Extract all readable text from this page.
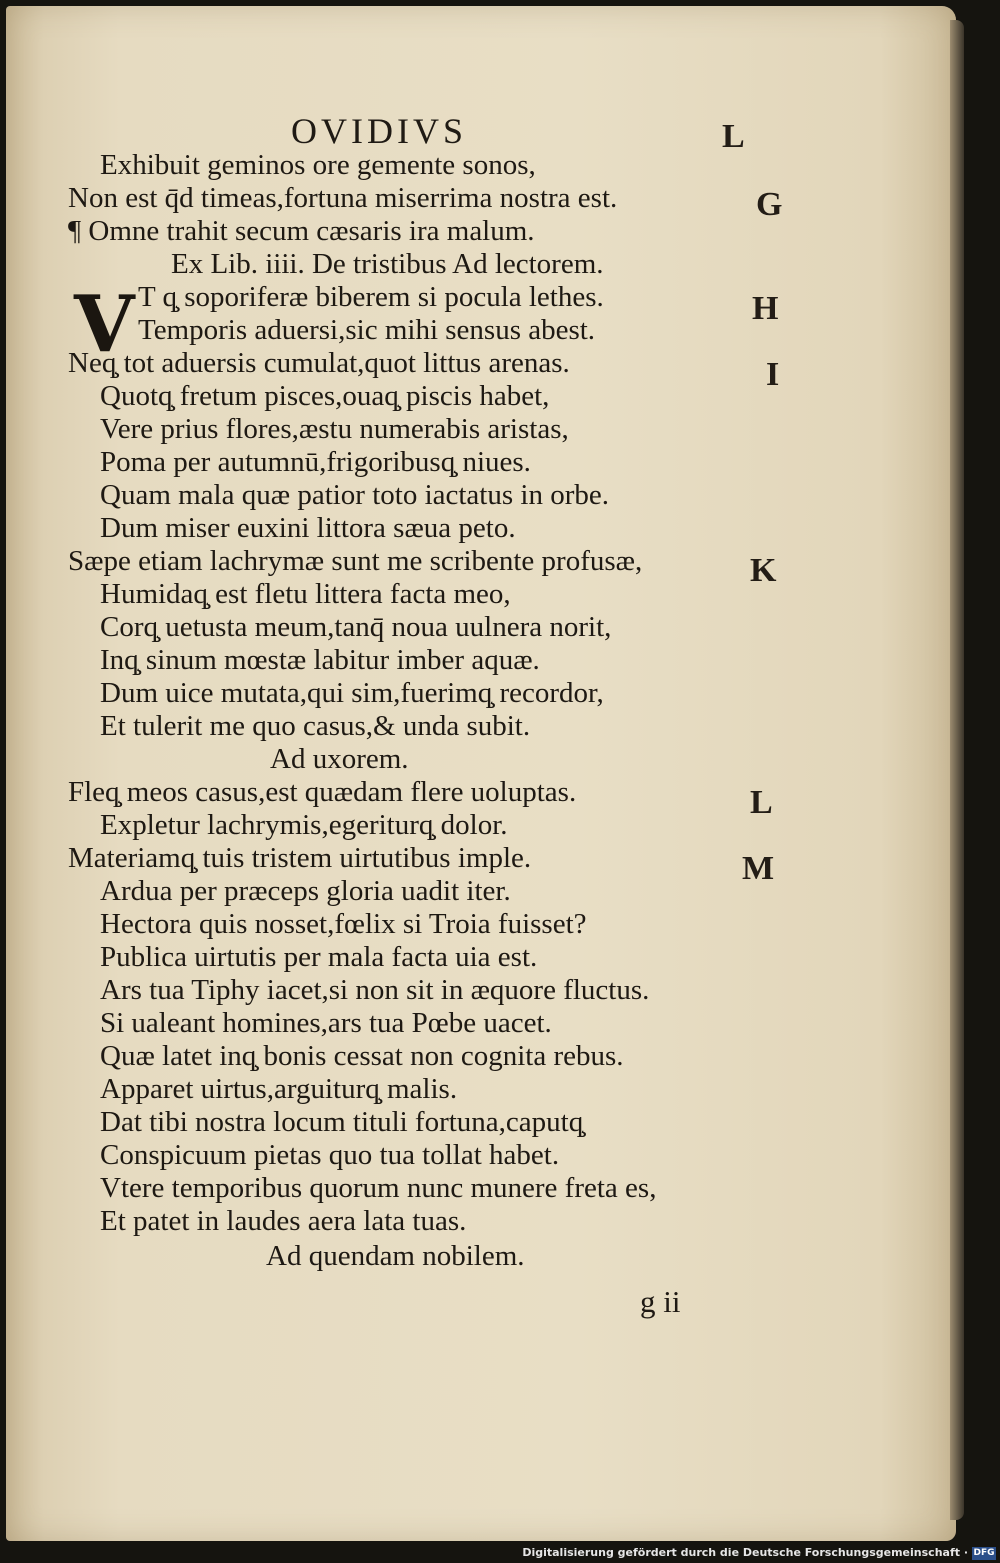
OVIDIVS
V
Exhibuit geminos ore gemente sonos,
Non est q̄d timeas,fortuna miserrima nostra est.
¶ Omne trahit secum cæsaris ira malum.
Ex Lib. iiii. De tristibus Ad lectorem.
T q̧ soporiferæ biberem si pocula lethes.
Temporis aduersi,sic mihi sensus abest.
Neq̧ tot aduersis cumulat,quot littus arenas.
Quotq̧ fretum pisces,ouaq̧ piscis habet,
Vere prius flores,æstu numerabis aristas,
Poma per autumnū,frigoribusq̧ niues.
Quam mala quæ patior toto iactatus in orbe.
Dum miser euxini littora sæua peto.
Sæpe etiam lachrymæ sunt me scribente profusæ,
Humidaq̧ est fletu littera facta meo,
Corq̧ uetusta meum,tanq̄ noua uulnera norit,
Inq̧ sinum mœstæ labitur imber aquæ.
Dum uice mutata,qui sim,fuerimq̧ recordor,
Et tulerit me quo casus,& unda subit.
Ad uxorem.
Fleq̧ meos casus,est quædam flere uoluptas.
Expletur lachrymis,egeriturq̧ dolor.
Materiamq̧ tuis tristem uirtutibus imple.
Ardua per præceps gloria uadit iter.
Hectora quis nosset,fœlix si Troia fuisset?
Publica uirtutis per mala facta uia est.
Ars tua Tiphy iacet,si non sit in æquore fluctus.
Si ualeant homines,ars tua Pœbe uacet.
Quæ latet inq̧ bonis cessat non cognita rebus.
Apparet uirtus,arguiturq̧ malis.
Dat tibi nostra locum tituli fortuna,caputq̧
Conspicuum pietas quo tua tollat habet.
Vtere temporibus quorum nunc munere freta es,
Et patet in laudes aera lata tuas.
Ad quendam nobilem.
L
G
H
I
K
L
M
g ii
Digitalisierung gefördert durch die Deutsche Forschungsgemeinschaft · DFG
